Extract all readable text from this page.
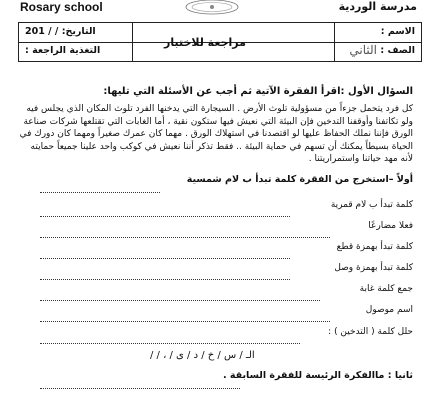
Rosary school	مدرسة الوردية
التاريخ: / / 201
التغذية الراجعة :
مراجعة للاختبار
الاسم :
الصف :
الثاني
السؤال الأول :اقرأ الفقرة الآتية ثم أجب عن الأسئلة التي تليها:
كل فرد يتحمل جزءاً من مسؤولية تلوث الأرض . السيجارة التي يدخنها الفرد تلوث المكان الذي يجلس فيه ولو تكاتفنا وأوقفنا التدخين فإن البيئة التي نعيش فيها ستكون نقية ، أما الغابات التي تقتلعها شركات صناعة الورق فإننا نملك الحفاظ عليها لو اقتصدنا في استهلاك الورق . مهما كان عمرك صغيراً ومهما كان دورك في الحياة بسيطاً يمكنك أن تسهم في حماية البيئة .. فقط تذكر أننا نعيش في كوكب واحد علينا جميعاً حمايته لأنه مهد حياتنا واستمراريتنا .
أولاً –استخرج من الفقرة كلمة تبدأ ب لام شمسية
كلمة تبدأ ب لام قمرية
فعلا مضارعًا
كلمة تبدأ بهمزة قطع
كلمة تبدأ بهمزة وصل
جمع كلمة غابة
اسم موصول
حلل كلمة ( التدخين ) :
الـ / س / خ / د / ى / ، / /
ثانيا : ماالفكرة الرئيسة للفقرة السابقة .
